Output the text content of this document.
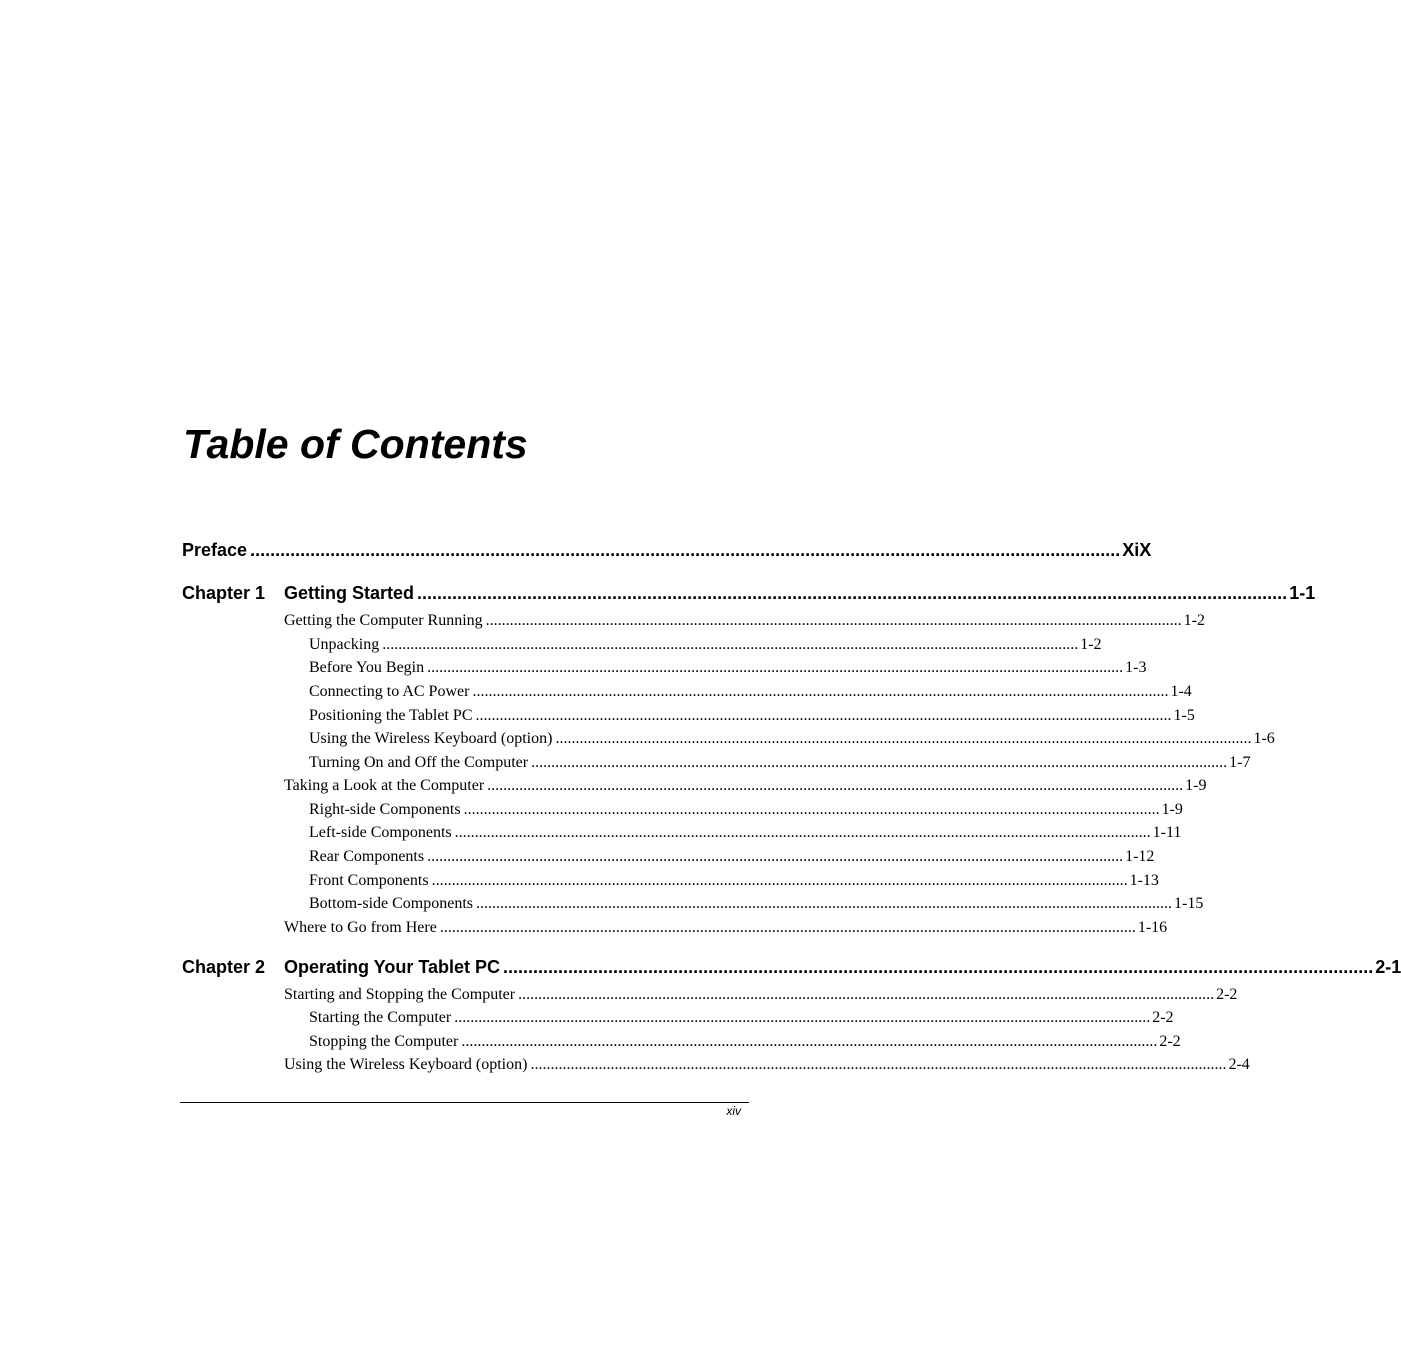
Table of Contents
Preface .............................................................................................................................................................................. XiX
Chapter 1 Getting Started .............................................................................................................................................................................. 1-1
Getting the Computer Running .............................................................................................................................................................................. 1-2
Unpacking .............................................................................................................................................................................. 1-2
Before You Begin .............................................................................................................................................................................. 1-3
Connecting to AC Power .............................................................................................................................................................................. 1-4
Positioning the Tablet PC .............................................................................................................................................................................. 1-5
Using the Wireless Keyboard (option) .............................................................................................................................................................................. 1-6
Turning On and Off the Computer .............................................................................................................................................................................. 1-7
Taking a Look at the Computer .............................................................................................................................................................................. 1-9
Right-side Components .............................................................................................................................................................................. 1-9
Left-side Components .............................................................................................................................................................................. 1-11
Rear Components .............................................................................................................................................................................. 1-12
Front Components .............................................................................................................................................................................. 1-13
Bottom-side Components .............................................................................................................................................................................. 1-15
Where to Go from Here .............................................................................................................................................................................. 1-16
Chapter 2 Operating Your Tablet PC .............................................................................................................................................................................. 2-1
Starting and Stopping the Computer .............................................................................................................................................................................. 2-2
Starting the Computer .............................................................................................................................................................................. 2-2
Stopping the Computer .............................................................................................................................................................................. 2-2
Using the Wireless Keyboard (option) .............................................................................................................................................................................. 2-4
xiv
